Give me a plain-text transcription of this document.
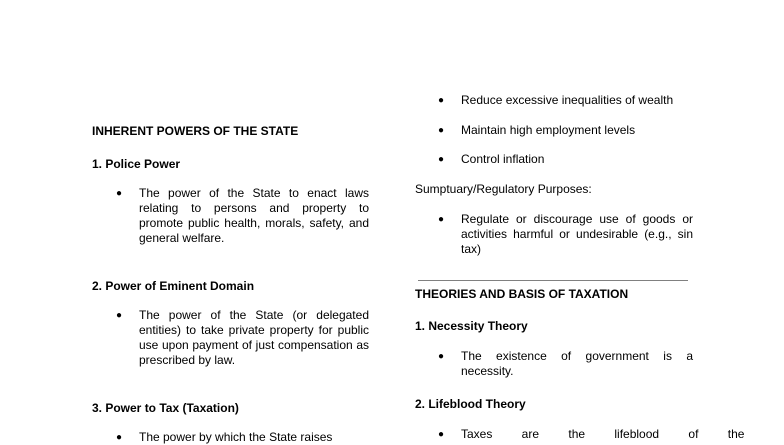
INHERENT POWERS OF THE STATE
1. Police Power
●	The power of the State to enact laws relating to persons and property to promote public health, morals, safety, and general welfare.
2. Power of Eminent Domain
●	The power of the State (or delegated entities) to take private property for public use upon payment of just compensation as prescribed by law.
3. Power to Tax (Taxation)
●	The power by which the State raises
●	Reduce excessive inequalities of wealth
●	Maintain high employment levels
●	Control inflation
Sumptuary/Regulatory Purposes:
●	Regulate or discourage use of goods or activities harmful or undesirable (e.g., sin tax)
THEORIES AND BASIS OF TAXATION
1. Necessity Theory
●	The existence of government is a necessity.
2. Lifeblood Theory
●	Taxes are the lifeblood of the
